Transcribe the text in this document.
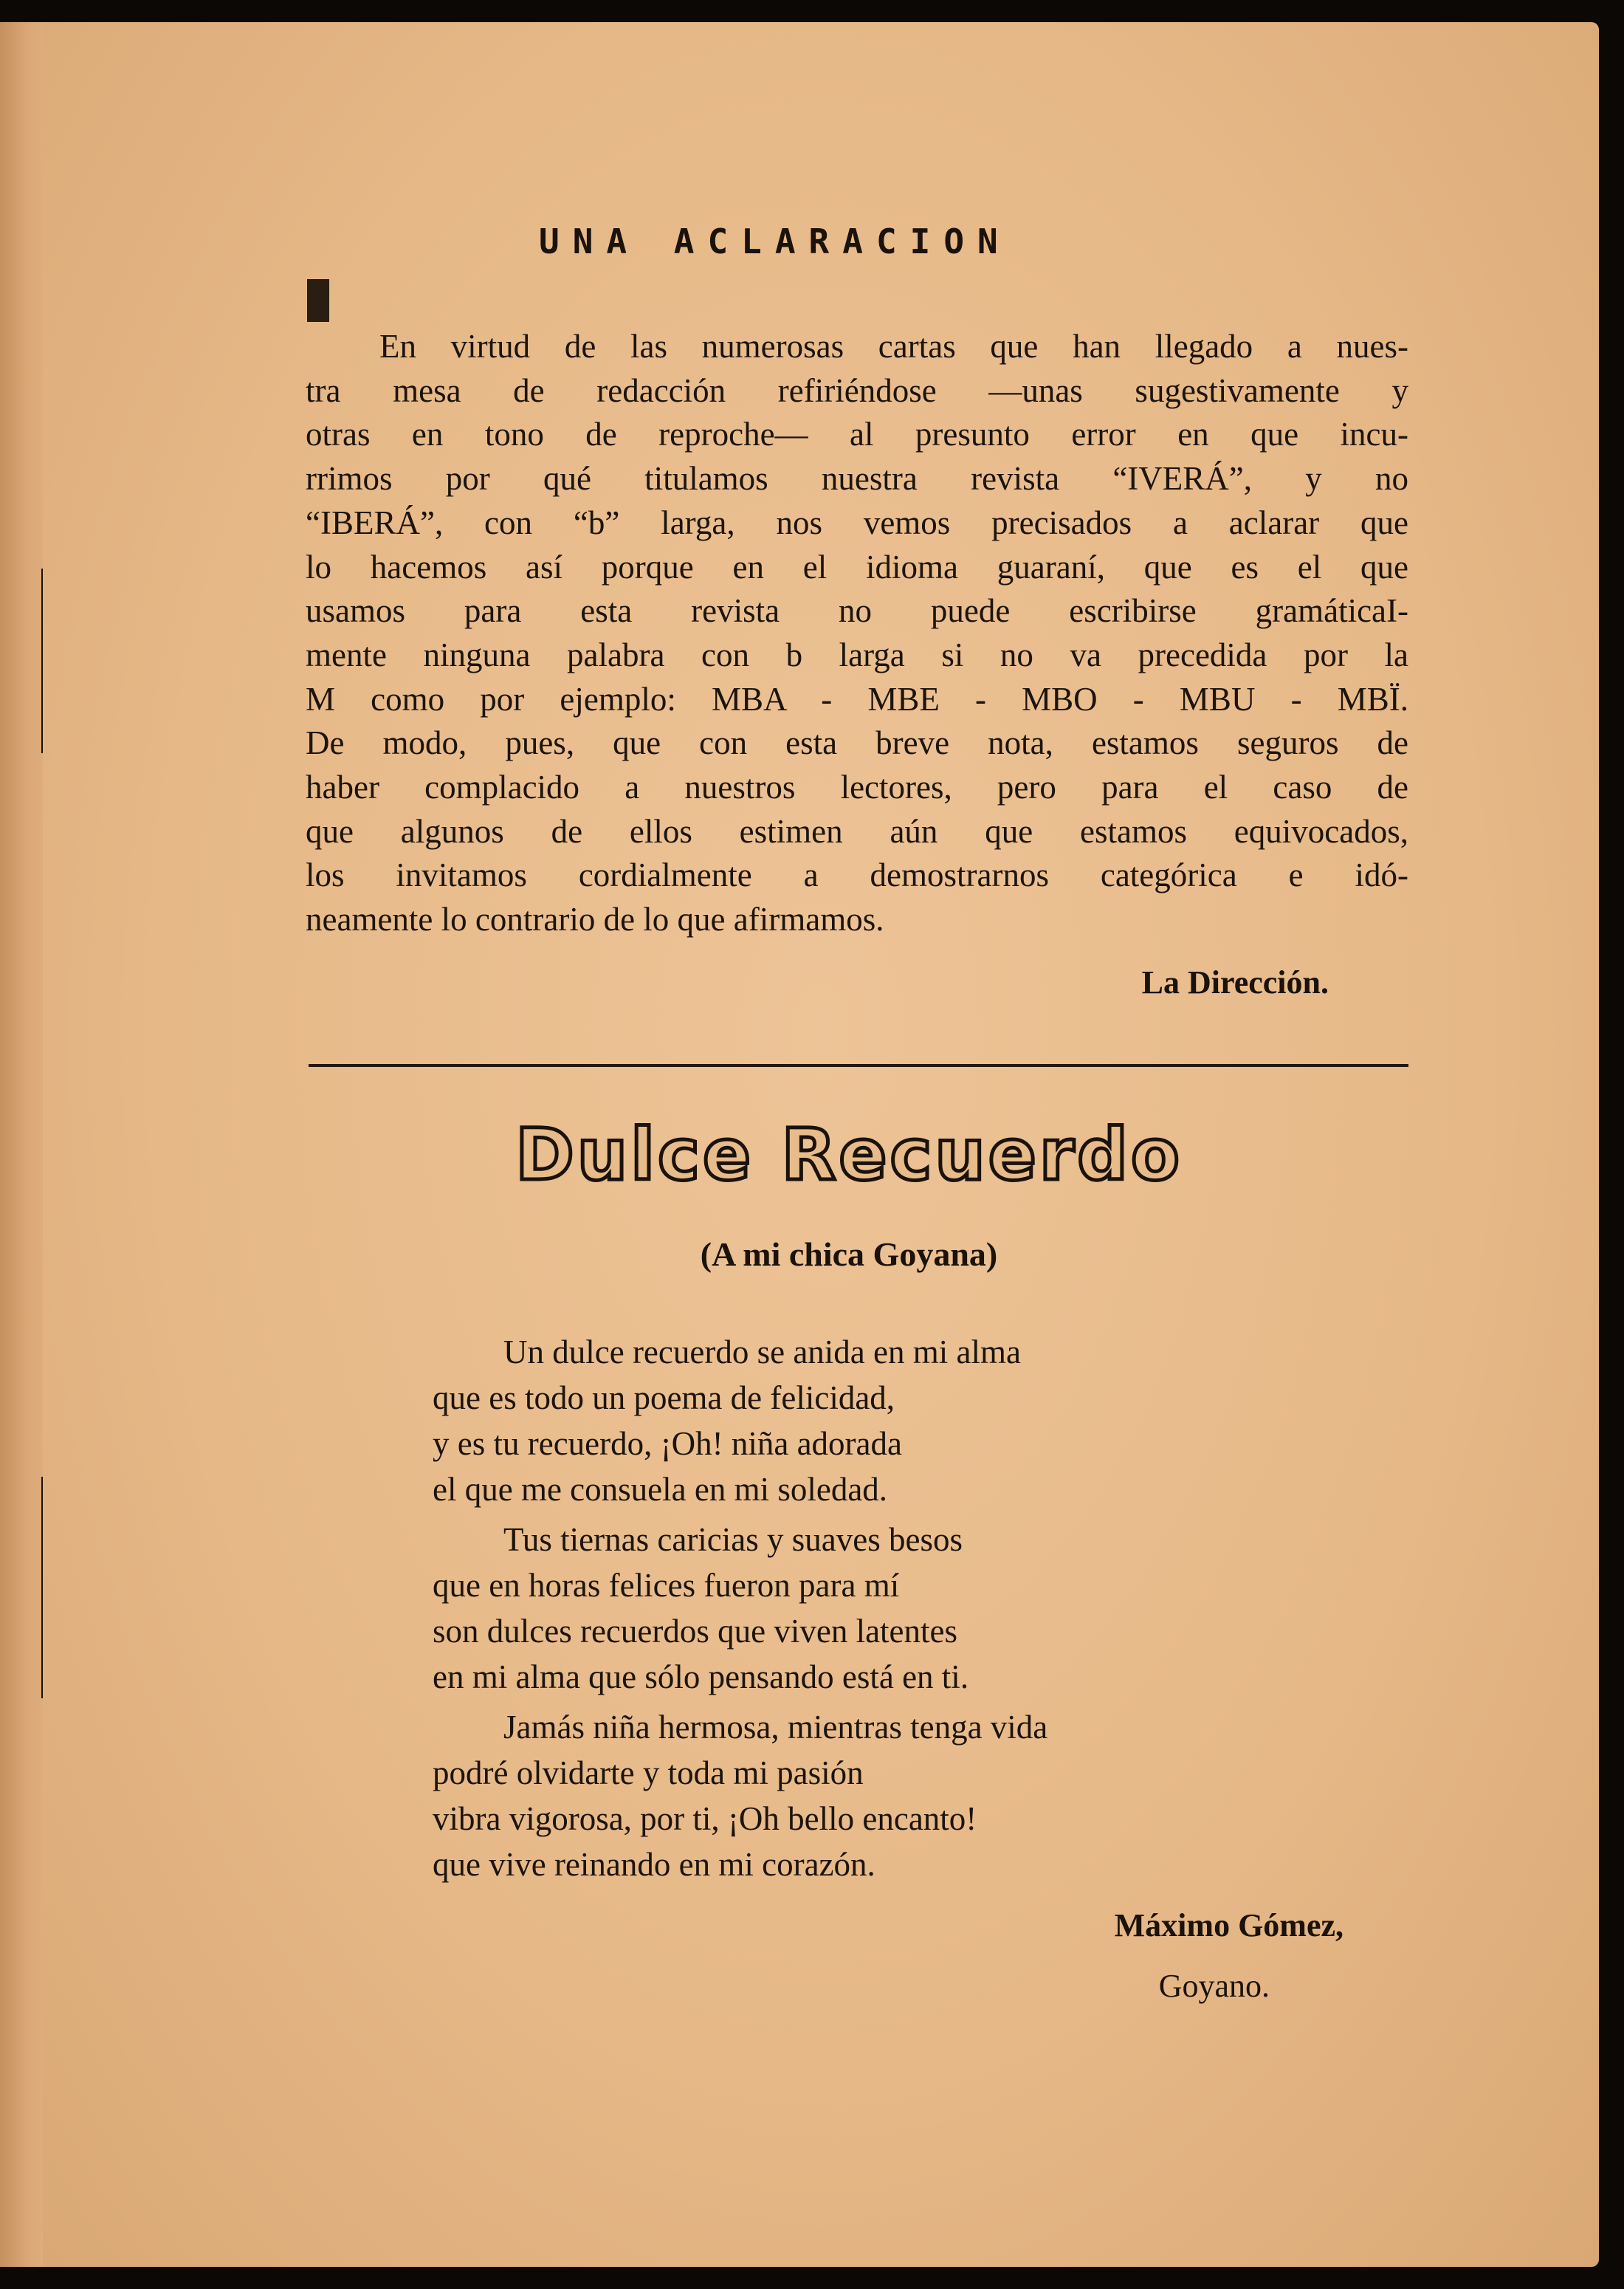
UNA ACLARACION
En virtud de las numerosas cartas que han llegado a nues-
tra mesa de redacción refiriéndose —unas sugestivamente y
otras en tono de reproche— al presunto error en que incu-
rrimos por qué titulamos nuestra revista “IVERÁ”, y no
“IBERÁ”, con “b” larga, nos vemos precisados a aclarar que
lo hacemos así porque en el idioma guaraní, que es el que
usamos para esta revista no puede escribirse gramáticaI-
mente ninguna palabra con b larga si no va precedida por la
M como por ejemplo: MBA - MBE - MBO - MBU - MBÏ.
De modo, pues, que con esta breve nota, estamos seguros de
haber complacido a nuestros lectores, pero para el caso de
que algunos de ellos estimen aún que estamos equivocados,
los invitamos cordialmente a demostrarnos categórica e idó-
neamente lo contrario de lo que afirmamos.
La Dirección.
Dulce Recuerdo
(A mi chica Goyana)
Un dulce recuerdo se anida en mi alma
que es todo un poema de felicidad,
y es tu recuerdo, ¡Oh! niña adorada
el que me consuela en mi soledad.
Tus tiernas caricias y suaves besos
que en horas felices fueron para mí
son dulces recuerdos que viven latentes
en mi alma que sólo pensando está en ti.
Jamás niña hermosa, mientras tenga vida
podré olvidarte y toda mi pasión
vibra vigorosa, por ti, ¡Oh bello encanto!
que vive reinando en mi corazón.
Máximo Gómez,
Goyano.
